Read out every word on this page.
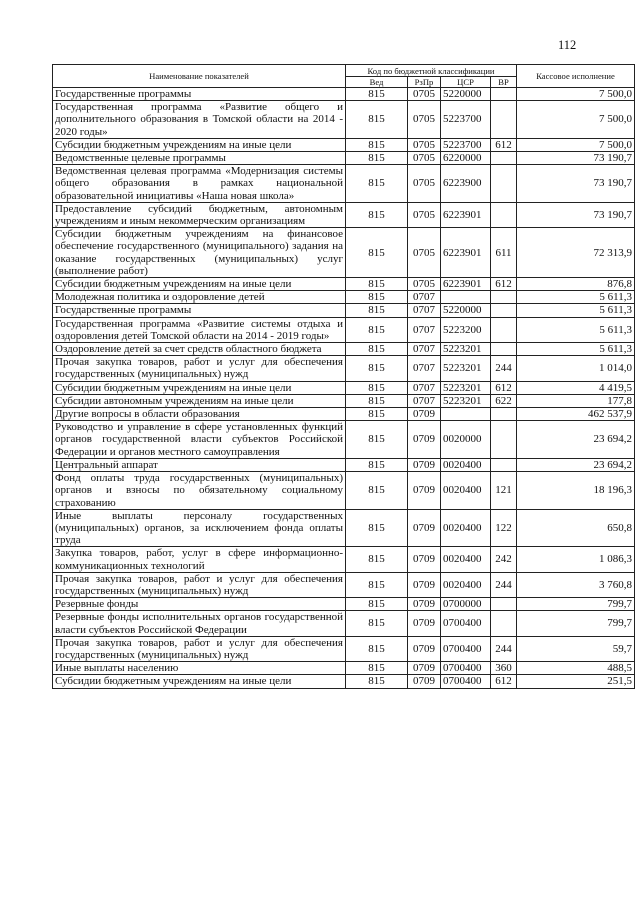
112
Наименование показателей	Код по бюджетной классификации				Кассовое исполнение
	Вед	РзПр	ЦСР	ВР	
Государственные программы	815	0705	5220000		7 500,0
Государственная программа «Развитие общего и дополнительного образования в Томской области на 2014 - 2020 годы»	815	0705	5223700		7 500,0
Субсидии бюджетным учреждениям на иные цели	815	0705	5223700	612	7 500,0
Ведомственные целевые программы	815	0705	6220000		73 190,7
Ведомственная целевая программа «Модернизация системы общего образования в рамках национальной образовательной инициативы «Наша новая школа»	815	0705	6223900		73 190,7
Предоставление субсидий бюджетным, автономным учреждениям и иным некоммерческим организациям	815	0705	6223901		73 190,7
Субсидии бюджетным учреждениям на финансовое обеспечение государственного (муниципального) задания на оказание государственных (муниципальных) услуг (выполнение работ)	815	0705	6223901	611	72 313,9
Субсидии бюджетным учреждениям на иные цели	815	0705	6223901	612	876,8
Молодежная политика и оздоровление детей	815	0707			5 611,3
Государственные программы	815	0707	5220000		5 611,3
Государственная программа «Развитие системы отдыха и оздоровления детей Томской области на 2014 - 2019 годы»	815	0707	5223200		5 611,3
Оздоровление детей за счет средств областного бюджета	815	0707	5223201		5 611,3
Прочая закупка товаров, работ и услуг для обеспечения государственных (муниципальных) нужд	815	0707	5223201	244	1 014,0
Субсидии бюджетным учреждениям на иные цели	815	0707	5223201	612	4 419,5
Субсидии автономным учреждениям на иные цели	815	0707	5223201	622	177,8
Другие вопросы в области образования	815	0709			462 537,9
Руководство и управление в сфере установленных функций органов государственной власти субъектов Российской Федерации и органов местного самоуправления	815	0709	0020000		23 694,2
Центральный аппарат	815	0709	0020400		23 694,2
Фонд оплаты труда государственных (муниципальных) органов и взносы по обязательному социальному страхованию	815	0709	0020400	121	18 196,3
Иные выплаты персоналу государственных (муниципальных) органов, за исключением фонда оплаты труда	815	0709	0020400	122	650,8
Закупка товаров, работ, услуг в сфере информационно-коммуникационных технологий	815	0709	0020400	242	1 086,3
Прочая закупка товаров, работ и услуг для обеспечения государственных (муниципальных) нужд	815	0709	0020400	244	3 760,8
Резервные фонды	815	0709	0700000		799,7
Резервные фонды исполнительных органов государственной власти субъектов Российской Федерации	815	0709	0700400		799,7
Прочая закупка товаров, работ и услуг для обеспечения государственных (муниципальных) нужд	815	0709	0700400	244	59,7
Иные выплаты населению	815	0709	0700400	360	488,5
Субсидии бюджетным учреждениям на иные цели	815	0709	0700400	612	251,5
